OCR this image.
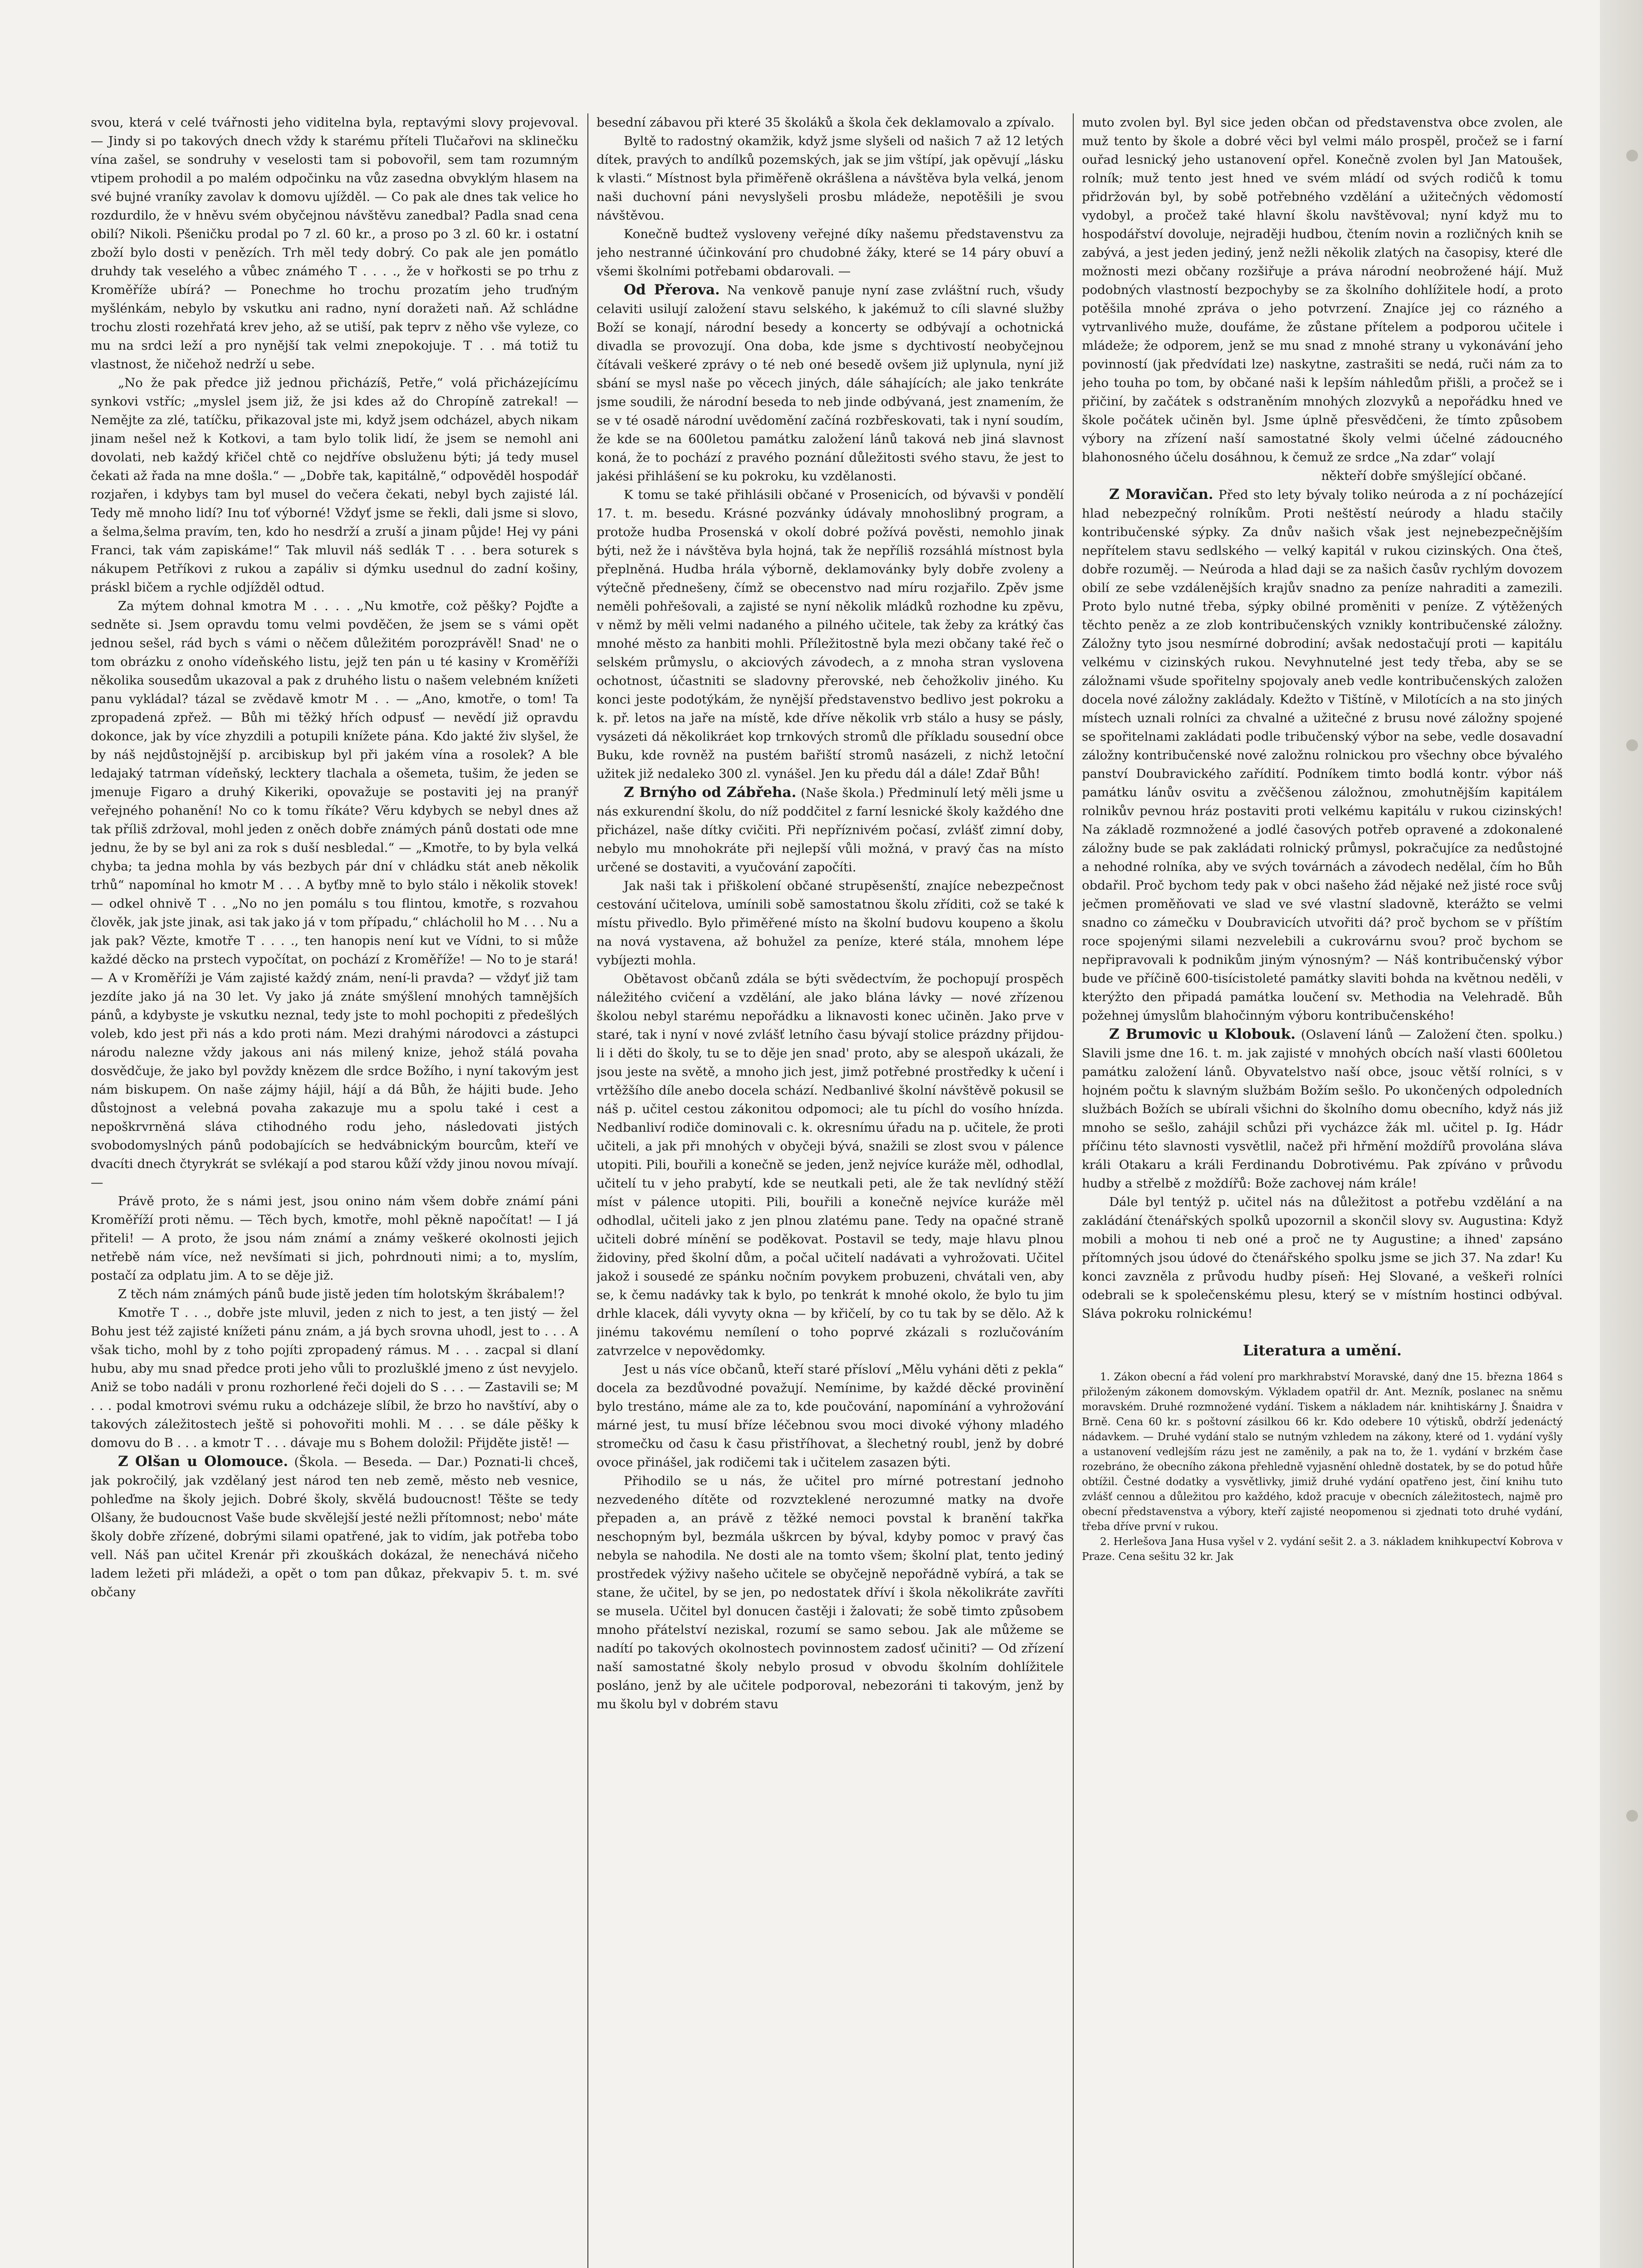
svou, která v celé tvářnosti jeho viditelna byla, reptavými slovy projevoval. — Jindy si po takových dnech vždy k starému příteli Tlučařovi na sklinečku vína zašel, se sondruhy v veselosti tam si pobovořil, sem tam rozumným vtipem prohodil a po malém odpočinku na vůz zasedna obvyklým hlasem na své bujné vraníky zavolav k domovu ujížděl. — Co pak ale dnes tak velice ho rozdurdilo, že v hněvu svém obyčejnou návštěvu zanedbal? Padla snad cena obilí? Nikoli. Pšeničku prodal po 7 zl. 60 kr., a proso po 3 zl. 60 kr. i ostatní zboží bylo dosti v penězích. Trh měl tedy dobrý. Co pak ale jen pomátlo druhdy tak veselého a vůbec známého T . . . ., že v hořkosti se po trhu z Kroměříže ubírá? — Ponechme ho trochu prozatím jeho truďným myšlénkám, nebylo by vskutku ani radno, nyní doražeti naň. Až schládne trochu zlosti rozehřatá krev jeho, až se utiší, pak teprv z něho vše vyleze, co mu na srdci leží a pro nynější tak velmi znepokojuje. T . . má totiž tu vlastnost, že ničehož nedrží u sebe.

„No že pak předce již jednou přicházíš, Petře,“ volá přicházejícímu synkovi vstříc; „myslel jsem již, že jsi kdes až do Chropíně zatrekal! — Nemějte za zlé, tatíčku, přikazoval jste mi, když jsem odcházel, abych nikam jinam nešel než k Kotkovi, a tam bylo tolik lidí, že jsem se nemohl ani dovolati, neb každý křičel chtě co nejdříve obsluženu býti; já tedy musel čekati až řada na mne došla.“ — „Dobře tak, kapitálně,“ odpověděl hospodář rozjařen, i kdybys tam byl musel do večera čekati, nebyl bych zajisté lál. Tedy mě mnoho lidí? Inu toť výborné! Vždyť jsme se řekli, dali jsme si slovo, a šelma,šelma pravím, ten, kdo ho nesdrží a zruší a jinam půjde! Hej vy páni Franci, tak vám zapiskáme!“ Tak mluvil náš sedlák T . . . bera soturek s nákupem Petříkovi z rukou a zapáliv si dýmku usednul do zadní košiny, práskl bičem a rychle odjížděl odtud.

Za mýtem dohnal kmotra M . . . . „Nu kmotře, což pěšky? Pojďte a sedněte si. Jsem opravdu tomu velmi povděčen, že jsem se s vámi opět jednou sešel, rád bych s vámi o něčem důležitém porozprávěl! Snad' ne o tom obrázku z onoho vídeňského listu, jejž ten pán u té kasiny v Kroměříži několika sousedům ukazoval a pak z druhého listu o našem velebném knížeti panu vykládal? tázal se zvědavě kmotr M . . — „Ano, kmotře, o tom! Ta zpropadená zpřež. — Bůh mi těžký hřích odpusť — nevědí již opravdu dokonce, jak by více zhyzdili a potupili knížete pána. Kdo jakté živ slyšel, že by náš nejdůstojnější p. arcibiskup byl při jakém vína a rosolek? A ble ledajaký tatrman vídeňský, lecktery tlachala a ošemeta, tušim, že jeden se jmenuje Figaro a druhý Kikeriki, opovažuje se postaviti jej na pranýř veřejného pohanění! No co k tomu říkáte? Věru kdybych se nebyl dnes až tak příliš zdržoval, mohl jeden z oněch dobře známých pánů dostati ode mne jednu, že by se byl ani za rok s duší nesbledal.“ — „Kmotře, to by byla velká chyba; ta jedna mohla by vás bezbych pár dní v chládku stát aneb několik trhů“ napomínal ho kmotr M . . . A byťby mně to bylo stálo i několik stovek! — odkel ohnivě T . . „No no jen pomálu s tou flintou, kmotře, s rozvahou člověk, jak jste jinak, asi tak jako já v tom případu,“ chlácholil ho M . . . Nu a jak pak? Vězte, kmotře T . . . ., ten hanopis není kut ve Vídni, to si může každé děcko na prstech vypočítat, on pochází z Kroměříže! — No to je stará! — A v Kroměříži je Vám zajisté každý znám, není-li pravda? — vždyť již tam jezdíte jako já na 30 let. Vy jako já znáte smýšlení mnohých tamnějších pánů, a kdybyste je vskutku neznal, tedy jste to mohl pochopiti z předešlých voleb, kdo jest při nás a kdo proti nám. Mezi drahými národovci a zástupci národu nalezne vždy jakous ani nás milený knize, jehož stálá povaha dosvědčuje, že jako byl povždy knězem dle srdce Božího, i nyní takovým jest nám biskupem. On naše zájmy hájil, hájí a dá Bůh, že hájiti bude. Jeho důstojnost a velebná povaha zakazuje mu a spolu také i cest a nepoškrvrněná sláva ctihodného rodu jeho, následovati jistých svobodomyslných pánů podobajících se hedvábnickým bourcům, kteří ve dvacíti dnech čtyrykrát se svlékají a pod starou kůží vždy jinou novou mívají. —

Právě proto, že s námi jest, jsou onino nám všem dobře známí páni Kroměříží proti němu. — Těch bych, kmotře, mohl pěkně napočítat! — I já přiteli! — A proto, že jsou nám známí a známy veškeré okolnosti jejich netřebě nám více, než nevšímati si jich, pohrdnouti nimi; a to, myslím, postačí za odplatu jim. A to se děje již.

Z těch nám známých pánů bude jistě jeden tím holotským škrábalem!?

Kmotře T . . ., dobře jste mluvil, jeden z nich to jest, a ten jistý — žel Bohu jest též zajisté knížeti pánu znám, a já bych srovna uhodl, jest to . . . A však ticho, mohl by z toho pojíti zpropadený rámus. M . . . zacpal si dlaní hubu, aby mu snad předce proti jeho vůli to prozlušklé jmeno z úst nevyjelo. Aniž se tobo nadáli v pronu rozhorlené řeči dojeli do S . . . — Zastavili se; M . . . podal kmotrovi svému ruku a odcházeje slíbil, že brzo ho navštíví, aby o takových záležitostech ještě si pohovořiti mohli. M . . . se dále pěšky k domovu do B . . . a kmotr T . . . dávaje mu s Bohem doložil: Přijděte jistě! —

Z Olšan u Olomouce. (Škola. — Beseda. — Dar.) Poznati-li chceš, jak pokročilý, jak vzdělaný jest národ ten neb země, město neb vesnice, pohleďme na školy jejich. Dobré školy, skvělá budoucnost! Těšte se tedy Olšany, že budoucnost Vaše bude skvělejší jesté nežli přítomnost; nebo' máte školy dobře zřízené, dobrými silami opatřené, jak to vidím, jak potřeba tobo vell. Náš pan učitel Krenár při zkouškách dokázal, že nenechává ničeho ladem ležeti při mládeži, a opět o tom pan důkaz, překvapiv 5. t. m. své občany

besední zábavou při které 35 školáků a škola ček deklamovalo a zpívalo.

Byltě to radostný okamžik, když jsme slyšeli od našich 7 až 12 letých dítek, pravých to andílků pozemských, jak se jim vštípí, jak opěvují „lásku k vlasti.“ Místnost byla přiměřeně okrášlena a návštěva byla velká, jenom naši duchovní páni nevyslyšeli prosbu mládeže, nepotěšili je svou návštěvou.

Konečně budtež vysloveny veřejné díky našemu představenstvu za jeho nestranné účinkování pro chudobné žáky, které se 14 páry obuví a všemi školními potřebami obdarovali. —

Od Přerova. Na venkově panuje nyní zase zvláštní ruch, všudy celaviti usilují založení stavu selského, k jakémuž to cíli slavné služby Boží se konají, národní besedy a koncerty se odbývají a ochotnická divadla se provozují. Ona doba, kde jsme s dychtivostí neobyčejnou čítávali veškeré zprávy o té neb oné besedě ovšem již uplynula, nyní již sbání se mysl naše po věcech jiných, dále sáhajících; ale jako tenkráte jsme soudili, že národní beseda to neb jinde odbývaná, jest znamením, že se v té osadě národní uvědomění začíná rozbřeskovati, tak i nyní soudím, že kde se na 600letou památku založení lánů taková neb jiná slavnost koná, že to pochází z pravého poznání důležitosti svého stavu, že jest to jakési přihlášení se ku pokroku, ku vzdělanosti.

K tomu se také přihlásili občané v Prosenicích, od bývavši v pondělí 17. t. m. besedu. Krásné pozvánky údávaly mnohoslibný program, a protože hudba Prosenská v okolí dobré požívá pověsti, nemohlo jinak býti, než že i návštěva byla hojná, tak že nepříliš rozsáhlá místnost byla přeplněná. Hudba hrála výborně, deklamovánky byly dobře zvoleny a výtečně přednešeny, čímž se obecenstvo nad míru rozjařilo. Zpěv jsme neměli pohřešovali, a zajisté se nyní několik mládků rozhodne ku zpěvu, v němž by měli velmi nadaného a pilného učitele, tak žeby za krátký čas mnohé město za hanbiti mohli. Příležitostně byla mezi občany také řeč o selském průmyslu, o akciových závodech, a z mnoha stran vyslovena ochotnost, účastniti se sladovny přerovské, neb čehožkoliv jiného. Ku konci jeste podotýkám, že nynější představenstvo bedlivo jest pokroku a k. př. letos na jaře na místě, kde dříve několik vrb stálo a husy se pásly, vysázeti dá několikráet kop trnkových stromů dle příkladu sousední obce Buku, kde rovněž na pustém bařiští stromů nasázeli, z nichž letoční užitek již nedaleko 300 zl. vynášel. Jen ku předu dál a dále! Zdař Bůh!

Z Brnýho od Zábřeha. (Naše škola.) Předminulí letý měli jsme u nás exkurendní školu, do níž poddčitel z farní lesnické školy každého dne přicházel, naše dítky cvičiti. Při nepříznivém počasí, zvlášť zimní doby, nebylo mu mnohokráte při nejlepší vůli možná, v pravý čas na místo určené se dostaviti, a vyučování započíti.

Jak naši tak i přiškolení občané strupěsenští, znajíce nebezpečnost cestování učitelova, umínili sobě samostatnou školu zříditi, což se také k místu přivedlo. Bylo přiměřené místo na školní budovu koupeno a školu na nová vystavena, až bohužel za peníze, které stála, mnohem lépe vybíjezti mohla.

Obětavost občanů zdála se býti svědectvím, že pochopují prospěch náležitého cvičení a vzdělání, ale jako blána lávky — nové zřízenou školou nebyl starému nepořádku a liknavosti konec učiněn. Jako prve v staré, tak i nyní v nové zvlášť letního času bývají stolice prázdny přijdou-li i děti do školy, tu se to děje jen snad' proto, aby se alespoň ukázali, že jsou jeste na světě, a mnoho jich jest, jimž potřebné prostředky k učení i vrtěžšího díle anebo docela schází. Nedbanlivé školní návštěvě pokusil se náš p. učitel cestou zákonitou odpomoci; ale tu píchl do vosího hnízda. Nedbanliví rodiče dominovali c. k. okresnímu úřadu na p. učitele, že proti učiteli, a jak při mnohých v obyčeji bývá, snažili se zlost svou v pálence utopiti. Pili, bouřili a konečně se jeden, jenž nejvíce kuráže měl, odhodlal, učitelí tu v jeho prabytí, kde se neutkali peti, ale že tak nevlídný stěží míst v pálence utopiti. Pili, bouřili a konečně nejvíce kuráže měl odhodlal, učiteli jako z jen plnou zlatému pane. Tedy na opačné straně učiteli dobré mínění se poděkovat. Postavil se tedy, maje hlavu plnou židoviny, před školní dům, a počal učitelí nadávati a vyhrožovati. Učitel jakož i sousedé ze spánku nočním povykem probuzeni, chvátali ven, aby se, k čemu nadávky tak k bylo, po tenkrát k mnohé okolo, že bylo tu jim drhle klacek, dáli vyvyty okna — by křičelí, by co tu tak by se dělo. Až k jinému takovému nemílení o toho poprvé zkázali s rozlučováním zatvrzelce v nepovědomky.

Jest u nás více občanů, kteří staré přísloví „Mělu vyháni děti z pekla“ docela za bezdůvodné považují. Nemínime, by každé děcké provinění bylo trestáno, máme ale za to, kde poučování, napomínání a vyhrožování márné jest, tu musí bříze léčebnou svou moci divoké výhony mladého stromečku od času k času přistříhovat, a šlechetný roubl, jenž by dobré ovoce přinášel, jak rodičemi tak i učitelem zasazen býti.

Přihodilo se u nás, že učitel pro mírné potrestaní jednoho nezvedeného dítěte od rozvzteklené nerozumné matky na dvoře přepaden a, an právě z těžké nemoci povstal k branění takřka neschopným byl, bezmála uškrcen by býval, kdyby pomoc v pravý čas nebyla se nahodila. Ne dosti ale na tomto všem; školní plat, tento jediný prostředek výživy našeho učitele se obyčejně nepořádně vybírá, a tak se stane, že učitel, by se jen, po nedostatek dříví i škola několikráte zavříti se musela. Učitel byl donucen častěji i žalovati; že sobě timto způsobem mnoho přátelství neziskal, rozumí se samo sebou. Jak ale můžeme se nadítí po takových okolnostech povinnostem zadosť učiniti? — Od zřízení naší samostatné školy nebylo prosud v obvodu školním dohlížitele posláno, jenž by ale učitele podporoval, nebezoráni ti takovým, jenž by mu školu byl v dobrém stavu

muto zvolen byl. Byl sice jeden občan od představenstva obce zvolen, ale muž tento by škole a dobré věci byl velmi málo prospěl, pročež se i farní ouřad lesnický jeho ustanovení opřel. Konečně zvolen byl Jan Matoušek, rolník; muž tento jest hned ve svém mládí od svých rodičů k tomu přidržován byl, by sobě potřebného vzdělání a užitečných vědomostí vydobyl, a pročež také hlavní školu navštěvoval; nyní když mu to hospodářství dovoluje, nejraději hudbou, čtením novin a rozličných knih se zabývá, a jest jeden jediný, jenž nežli několik zlatých na časopisy, které dle možnosti mezi občany rozšiřuje a práva národní neobrožené hájí. Muž podobných vlastností bezpochyby se za školního dohlížitele hodí, a proto potěšila mnohé zpráva o jeho potvrzení. Znajíce jej co rázného a vytrvanlivého muže, doufáme, že zůstane přítelem a podporou učitele i mládeže; že odporem, jenž se mu snad z mnohé strany u vykonávání jeho povinností (jak předvídati lze) naskytne, zastrašiti se nedá, ruči nám za to jeho touha po tom, by občané naši k lepším náhledům přišli, a pročež se i přičiní, by začátek s odstraněním mnohých zlozvyků a nepořádku hned ve škole počátek učiněn byl. Jsme úplně přesvědčeni, že tímto způsobem výbory na zřízení naší samostatné školy velmi účelné zádoucného blahonosného účelu dosáhnou, k čemuž ze srdce „Na zdar“ volají

někteří dobře smýšlející občané.

Z Moravičan. Před sto lety bývaly toliko neúroda a z ní pocházející hlad nebezpečný rolníkům. Proti neštěstí neúrody a hladu stačily kontribučenské sýpky. Za dnův našich však jest nejnebezpečnějším nepřítelem stavu sedlského — velký kapitál v rukou cizinských. Ona čteš, dobře rozuměj. — Neúroda a hlad daji se za našich časův rychlým dovozem obilí ze sebe vzdálenějších krajův snadno za peníze nahraditi a zamezili. Proto bylo nutné třeba, sýpky obilné proměniti v peníze. Z výtěžených těchto peněz a ze zlob kontribučenských vznikly kontribučenské záložny. Záložny tyto jsou nesmírné dobrodiní; avšak nedostačují proti — kapitálu velkému v cizinských rukou. Nevyhnutelné jest tedy třeba, aby se se záložnami všude spořitelny spojovaly aneb vedle kontribučenských založen docela nové záložny zakládaly. Kdežto v Tištíně, v Milotících a na sto jiných místech uznali rolníci za chvalné a užitečné z brusu nové záložny spojené se spořitelnami zakládati podle tribučenský výbor na sebe, vedle dosavadní záložny kontribučenské nové založnu rolnickou pro všechny obce bývalého panství Doubravického zařídití. Podníkem timto bodlá kontr. výbor náš památku lánův osvitu a zvěčšenou záložnou, zmohutnějším kapitálem rolnikův pevnou hráz postaviti proti velkému kapitálu v rukou cizinských! Na základě rozmnožené a jodlé časových potřeb opravené a zdokonalené záložny bude se pak zakládati rolnický průmysl, pokračujíce za nedůstojné a nehodné rolníka, aby ve svých továrnách a závodech nedělal, čím ho Bůh obdařil. Proč bychom tedy pak v obci našeho žád nějaké než jisté roce svůj ječmen proměňovati ve slad ve své vlastní sladovně, kterážto se velmi snadno co zámečku v Doubravicích utvořiti dá? proč bychom se v příštím roce spojenými silami nezvelebili a cukrovárnu svou? proč bychom se nepřipravovali k podnikům jiným výnosným? — Náš kontribučenský výbor bude ve příčině 600-tisícistoleté památky slaviti bohda na květnou neděli, v kterýžto den připadá památka loučení sv. Methodia na Velehradě. Bůh požehnej úmyslům blahočinným výboru kontribučenského!

Z Brumovic u Klobouk. (Oslavení lánů — Založení čten. spolku.) Slavili jsme dne 16. t. m. jak zajisté v mnohých obcích naší vlasti 600letou památku založení lánů. Obyvatelstvo naší obce, jsouc větší rolníci, s v hojném počtu k slavným službám Božím sešlo. Po ukončených odpoledních službách Božích se ubírali všichni do školního domu obecního, když nás již mnoho se sešlo, zahájil schůzi při vycházce žák ml. učitel p. Ig. Hádr příčinu této slavnosti vysvětlil, načež při hřmění moždířů provolána sláva králi Otakaru a králi Ferdinandu Dobrotivému. Pak zpíváno v průvodu hudby a střelbě z moždířů: Bože zachovej nám krále!

Dále byl tentýž p. učitel nás na důležitost a potřebu vzdělání a na zakládání čtenářských spolků upozornil a skončil slovy sv. Augustina: Když mobili a mohou ti neb oné a proč ne ty Augustine; a ihned' zapsáno přítomných jsou údové do čtenářského spolku jsme se jich 37. Na zdar! Ku konci zavzněla z průvodu hudby píseň: Hej Slované, a veškeři rolníci odebrali se k společenskému plesu, který se v místním hostinci odbýval. Sláva pokroku rolnickému!

Literatura a umění.

1. Zákon obecní a řád volení pro markhrabství Moravské, daný dne 15. března 1864 s přiloženým zákonem domovským. Výkladem opatřil dr. Ant. Mezník, poslanec na sněmu moravském. Druhé rozmnožené vydání. Tiskem a nákladem nár. knihtiskárny J. Šnaidra v Brně. Cena 60 kr. s poštovní zásilkou 66 kr. Kdo odebere 10 výtisků, obdrží jedenáctý nádavkem. — Druhé vydání stalo se nutným vzhledem na zákony, které od 1. vydání vyšly a ustanovení vedlejším rázu jest ne zaměnily, a pak na to, že 1. vydání v brzkém čase rozebráno, že obecního zákona přehledně vyjasnění ohledně dostatek, by se do potud hůře obtížil. Čestné dodatky a vysvětlivky, jimiž druhé vydání opatřeno jest, činí knihu tuto zvlášť cennou a důležitou pro každého, kdož pracuje v obecních záležitostech, najmě pro obecní představenstva a výbory, kteří zajisté neopomenou si zjednati toto druhé vydání, třeba dříve první v rukou.

2. Herlešova Jana Husa vyšel v 2. vydání sešit 2. a 3. nákladem knihkupectví Kobrova v Praze. Cena sešitu 32 kr. Jak
